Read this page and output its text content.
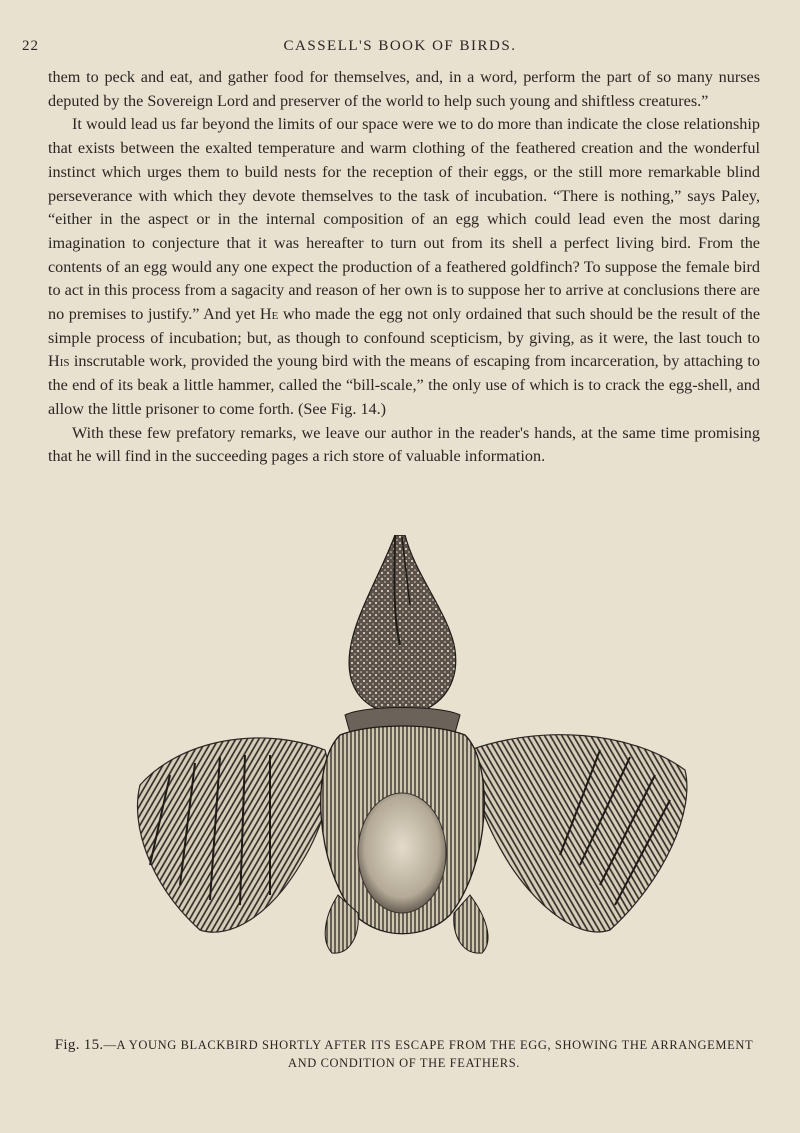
22	CASSELL'S BOOK OF BIRDS.

them to peck and eat, and gather food for themselves, and, in a word, perform the part of so many nurses deputed by the Sovereign Lord and preserver of the world to help such young and shiftless creatures.”

It would lead us far beyond the limits of our space were we to do more than indicate the close relationship that exists between the exalted temperature and warm clothing of the feathered creation and the wonderful instinct which urges them to build nests for the reception of their eggs, or the still more remarkable blind perseverance with which they devote themselves to the task of incubation. “There is nothing,” says Paley, “either in the aspect or in the internal composition of an egg which could lead even the most daring imagination to conjecture that it was hereafter to turn out from its shell a perfect living bird. From the contents of an egg would any one expect the production of a feathered goldfinch? To suppose the female bird to act in this process from a sagacity and reason of her own is to suppose her to arrive at conclusions there are no premises to justify.” And yet He who made the egg not only ordained that such should be the result of the simple process of incubation; but, as though to confound scepticism, by giving, as it were, the last touch to His inscrutable work, provided the young bird with the means of escaping from incarceration, by attaching to the end of its beak a little hammer, called the “bill-scale,” the only use of which is to crack the egg-shell, and allow the little prisoner to come forth. (See Fig. 14.)

With these few prefatory remarks, we leave our author in the reader's hands, at the same time promising that he will find in the succeeding pages a rich store of valuable information.

Fig. 15.—A YOUNG BLACKBIRD SHORTLY AFTER ITS ESCAPE FROM THE EGG, SHOWING THE ARRANGEMENT AND CONDITION OF THE FEATHERS.
